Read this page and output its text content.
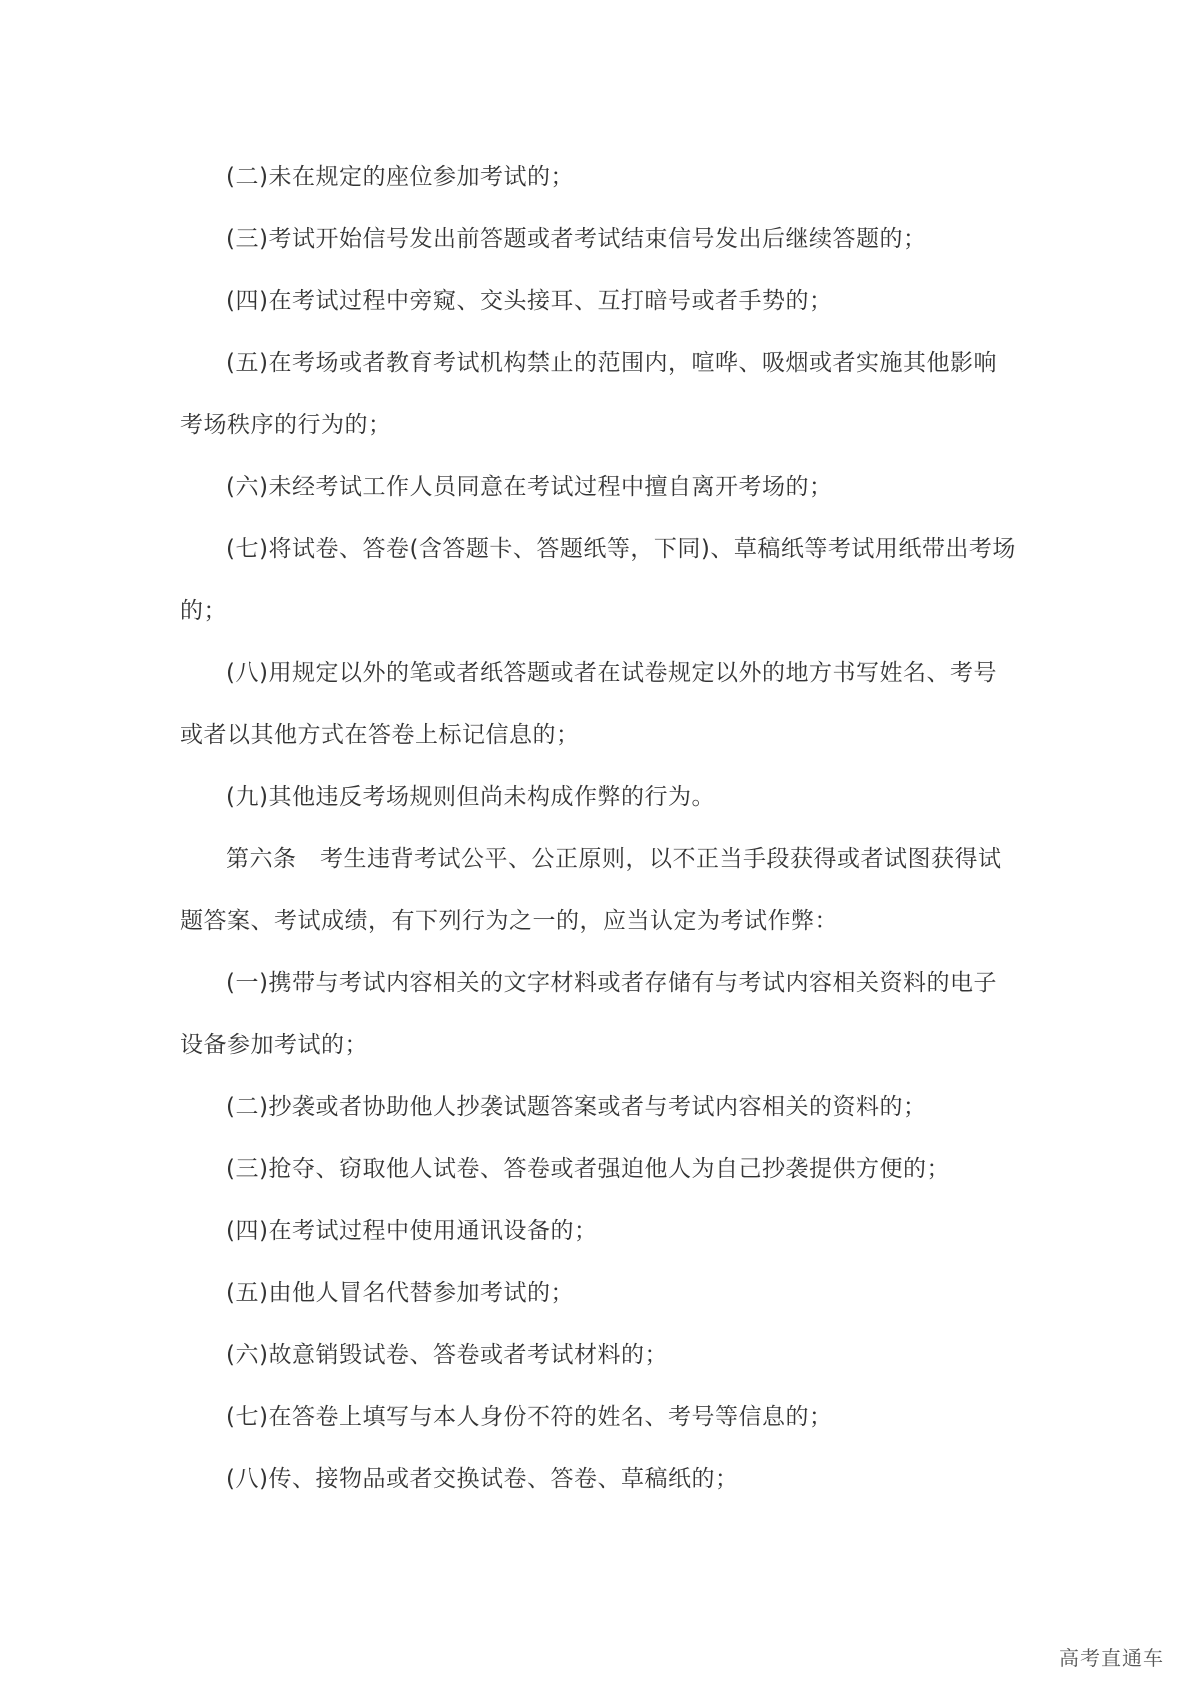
(二)未在规定的座位参加考试的；

(三)考试开始信号发出前答题或者考试结束信号发出后继续答题的；

(四)在考试过程中旁窥、交头接耳、互打暗号或者手势的；

(五)在考场或者教育考试机构禁止的范围内，喧哗、吸烟或者实施其他影响考场秩序的行为的；

(六)未经考试工作人员同意在考试过程中擅自离开考场的；

(七)将试卷、答卷(含答题卡、答题纸等，下同)、草稿纸等考试用纸带出考场的；

(八)用规定以外的笔或者纸答题或者在试卷规定以外的地方书写姓名、考号或者以其他方式在答卷上标记信息的；

(九)其他违反考场规则但尚未构成作弊的行为。

第六条　考生违背考试公平、公正原则，以不正当手段获得或者试图获得试题答案、考试成绩，有下列行为之一的，应当认定为考试作弊：

(一)携带与考试内容相关的文字材料或者存储有与考试内容相关资料的电子设备参加考试的；

(二)抄袭或者协助他人抄袭试题答案或者与考试内容相关的资料的；

(三)抢夺、窃取他人试卷、答卷或者强迫他人为自己抄袭提供方便的；

(四)在考试过程中使用通讯设备的；

(五)由他人冒名代替参加考试的；

(六)故意销毁试卷、答卷或者考试材料的；

(七)在答卷上填写与本人身份不符的姓名、考号等信息的；

(八)传、接物品或者交换试卷、答卷、草稿纸的；

高考直通车
